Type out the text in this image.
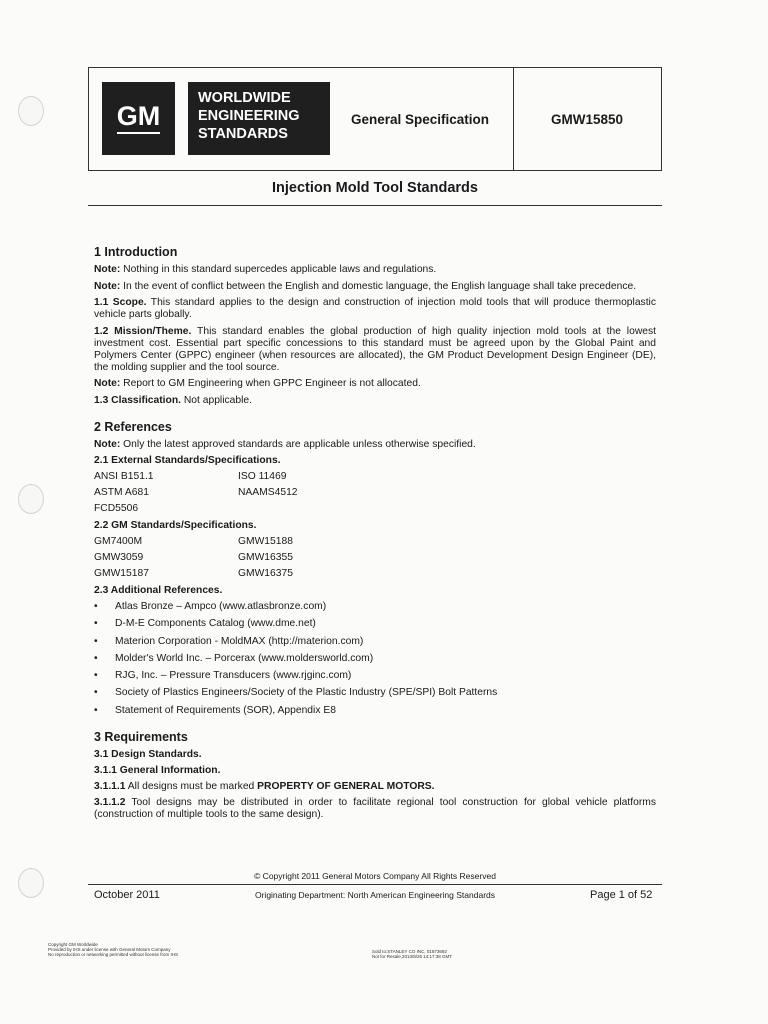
GM
WORLDWIDE
ENGINEERING
STANDARDS
General Specification	GMW15850
Injection Mold Tool Standards
1 Introduction

Note: Nothing in this standard supercedes applicable laws and regulations.

Note: In the event of conflict between the English and domestic language, the English language shall take precedence.

1.1 Scope. This standard applies to the design and construction of injection mold tools that will produce thermoplastic vehicle parts globally.

1.2 Mission/Theme. This standard enables the global production of high quality injection mold tools at the lowest investment cost. Essential part specific concessions to this standard must be agreed upon by the Global Paint and Polymers Center (GPPC) engineer (when resources are allocated), the GM Product Development Design Engineer (DE), the molding supplier and the tool source.

Note: Report to GM Engineering when GPPC Engineer is not allocated.

1.3 Classification. Not applicable.

2 References

Note: Only the latest approved standards are applicable unless otherwise specified.

2.1 External Standards/Specifications.
ANSI B151.1	ISO 11469
ASTM A681	NAAMS4512
FCD5506
2.2 GM Standards/Specifications.
GM7400M	GMW15188
GMW3059	GMW16355
GMW15187	GMW16375
2.3 Additional References.
• Atlas Bronze – Ampco (www.atlasbronze.com)
• D-M-E Components Catalog (www.dme.net)
• Materion Corporation - MoldMAX (http://materion.com)
• Molder's World Inc. – Porcerax (www.moldersworld.com)
• RJG, Inc. – Pressure Transducers (www.rjginc.com)
• Society of Plastics Engineers/Society of the Plastic Industry (SPE/SPI) Bolt Patterns
• Statement of Requirements (SOR), Appendix E8
3 Requirements
3.1 Design Standards.
3.1.1 General Information.

3.1.1.1 All designs must be marked PROPERTY OF GENERAL MOTORS.

3.1.1.2 Tool designs may be distributed in order to facilitate regional tool construction for global vehicle platforms (construction of multiple tools to the same design).

© Copyright 2011 General Motors Company All Rights Reserved
October 2011	Originating Department: North American Engineering Standards	Page 1 of 52
Copyright GM Worldwide
Provided by IHS under license with General Motors Company
No reproduction or networking permitted without license from IHS
Sold to:STANLEY CO INC, 01873692
Not for Resale,2013/8/26 14:17:38 GMT
